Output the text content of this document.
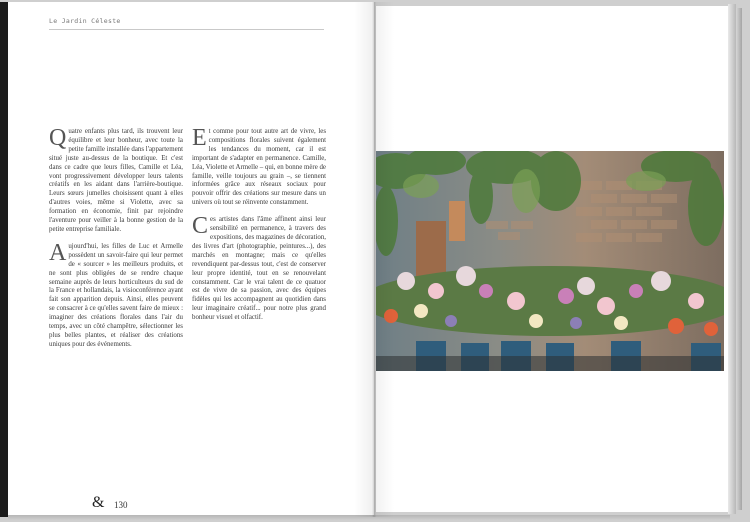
Le Jardin Céleste

Quatre enfants plus tard, ils trouvent leur équilibre et leur bonheur, avec toute la petite famille installée dans l'appartement situé juste au-dessus de la boutique. Et c'est dans ce cadre que leurs filles, Camille et Léa, vont progressivement développer leurs talents créatifs en les aidant dans l'arrière-boutique. Leurs sœurs jumelles choisissent quant à elles d'autres voies, même si Violette, avec sa formation en économie, finit par rejoindre l'aventure pour veiller à la bonne gestion de la petite entreprise familiale.

Aujourd'hui, les filles de Luc et Armelle possèdent un savoir-faire qui leur permet de « sourcer » les meilleurs produits, et ne sont plus obligées de se rendre chaque semaine auprès de leurs horticulteurs du sud de la France et hollandais, la visioconférence ayant fait son apparition depuis. Ainsi, elles peuvent se consacrer à ce qu'elles savent faire de mieux : imaginer des créations florales dans l'air du temps, avec un côté champêtre, sélectionner les plus belles plantes, et réaliser des créations uniques pour des événements.

Et comme pour tout autre art de vivre, les compositions florales suivent également les tendances du moment, car il est important de s'adapter en permanence. Camille, Léa, Violette et Armelle – qui, en bonne mère de famille, veille toujours au grain –, se tiennent informées grâce aux réseaux sociaux pour pouvoir offrir des créations sur mesure dans un univers où tout se réinvente constamment.

Ces artistes dans l'âme affinent ainsi leur sensibilité en permanence, à travers des expositions, des magazines de décoration, des livres d'art (photographie, peintures...), des marchés en montagne; mais ce qu'elles revendiquent par-dessus tout, c'est de conserver leur propre identité, tout en se renouvelant constamment. Car le vrai talent de ce quatuor est de vivre de sa passion, avec des équipes fidèles qui les accompagnent au quotidien dans leur imaginaire créatif... pour notre plus grand bonheur visuel et olfactif.

& 130
